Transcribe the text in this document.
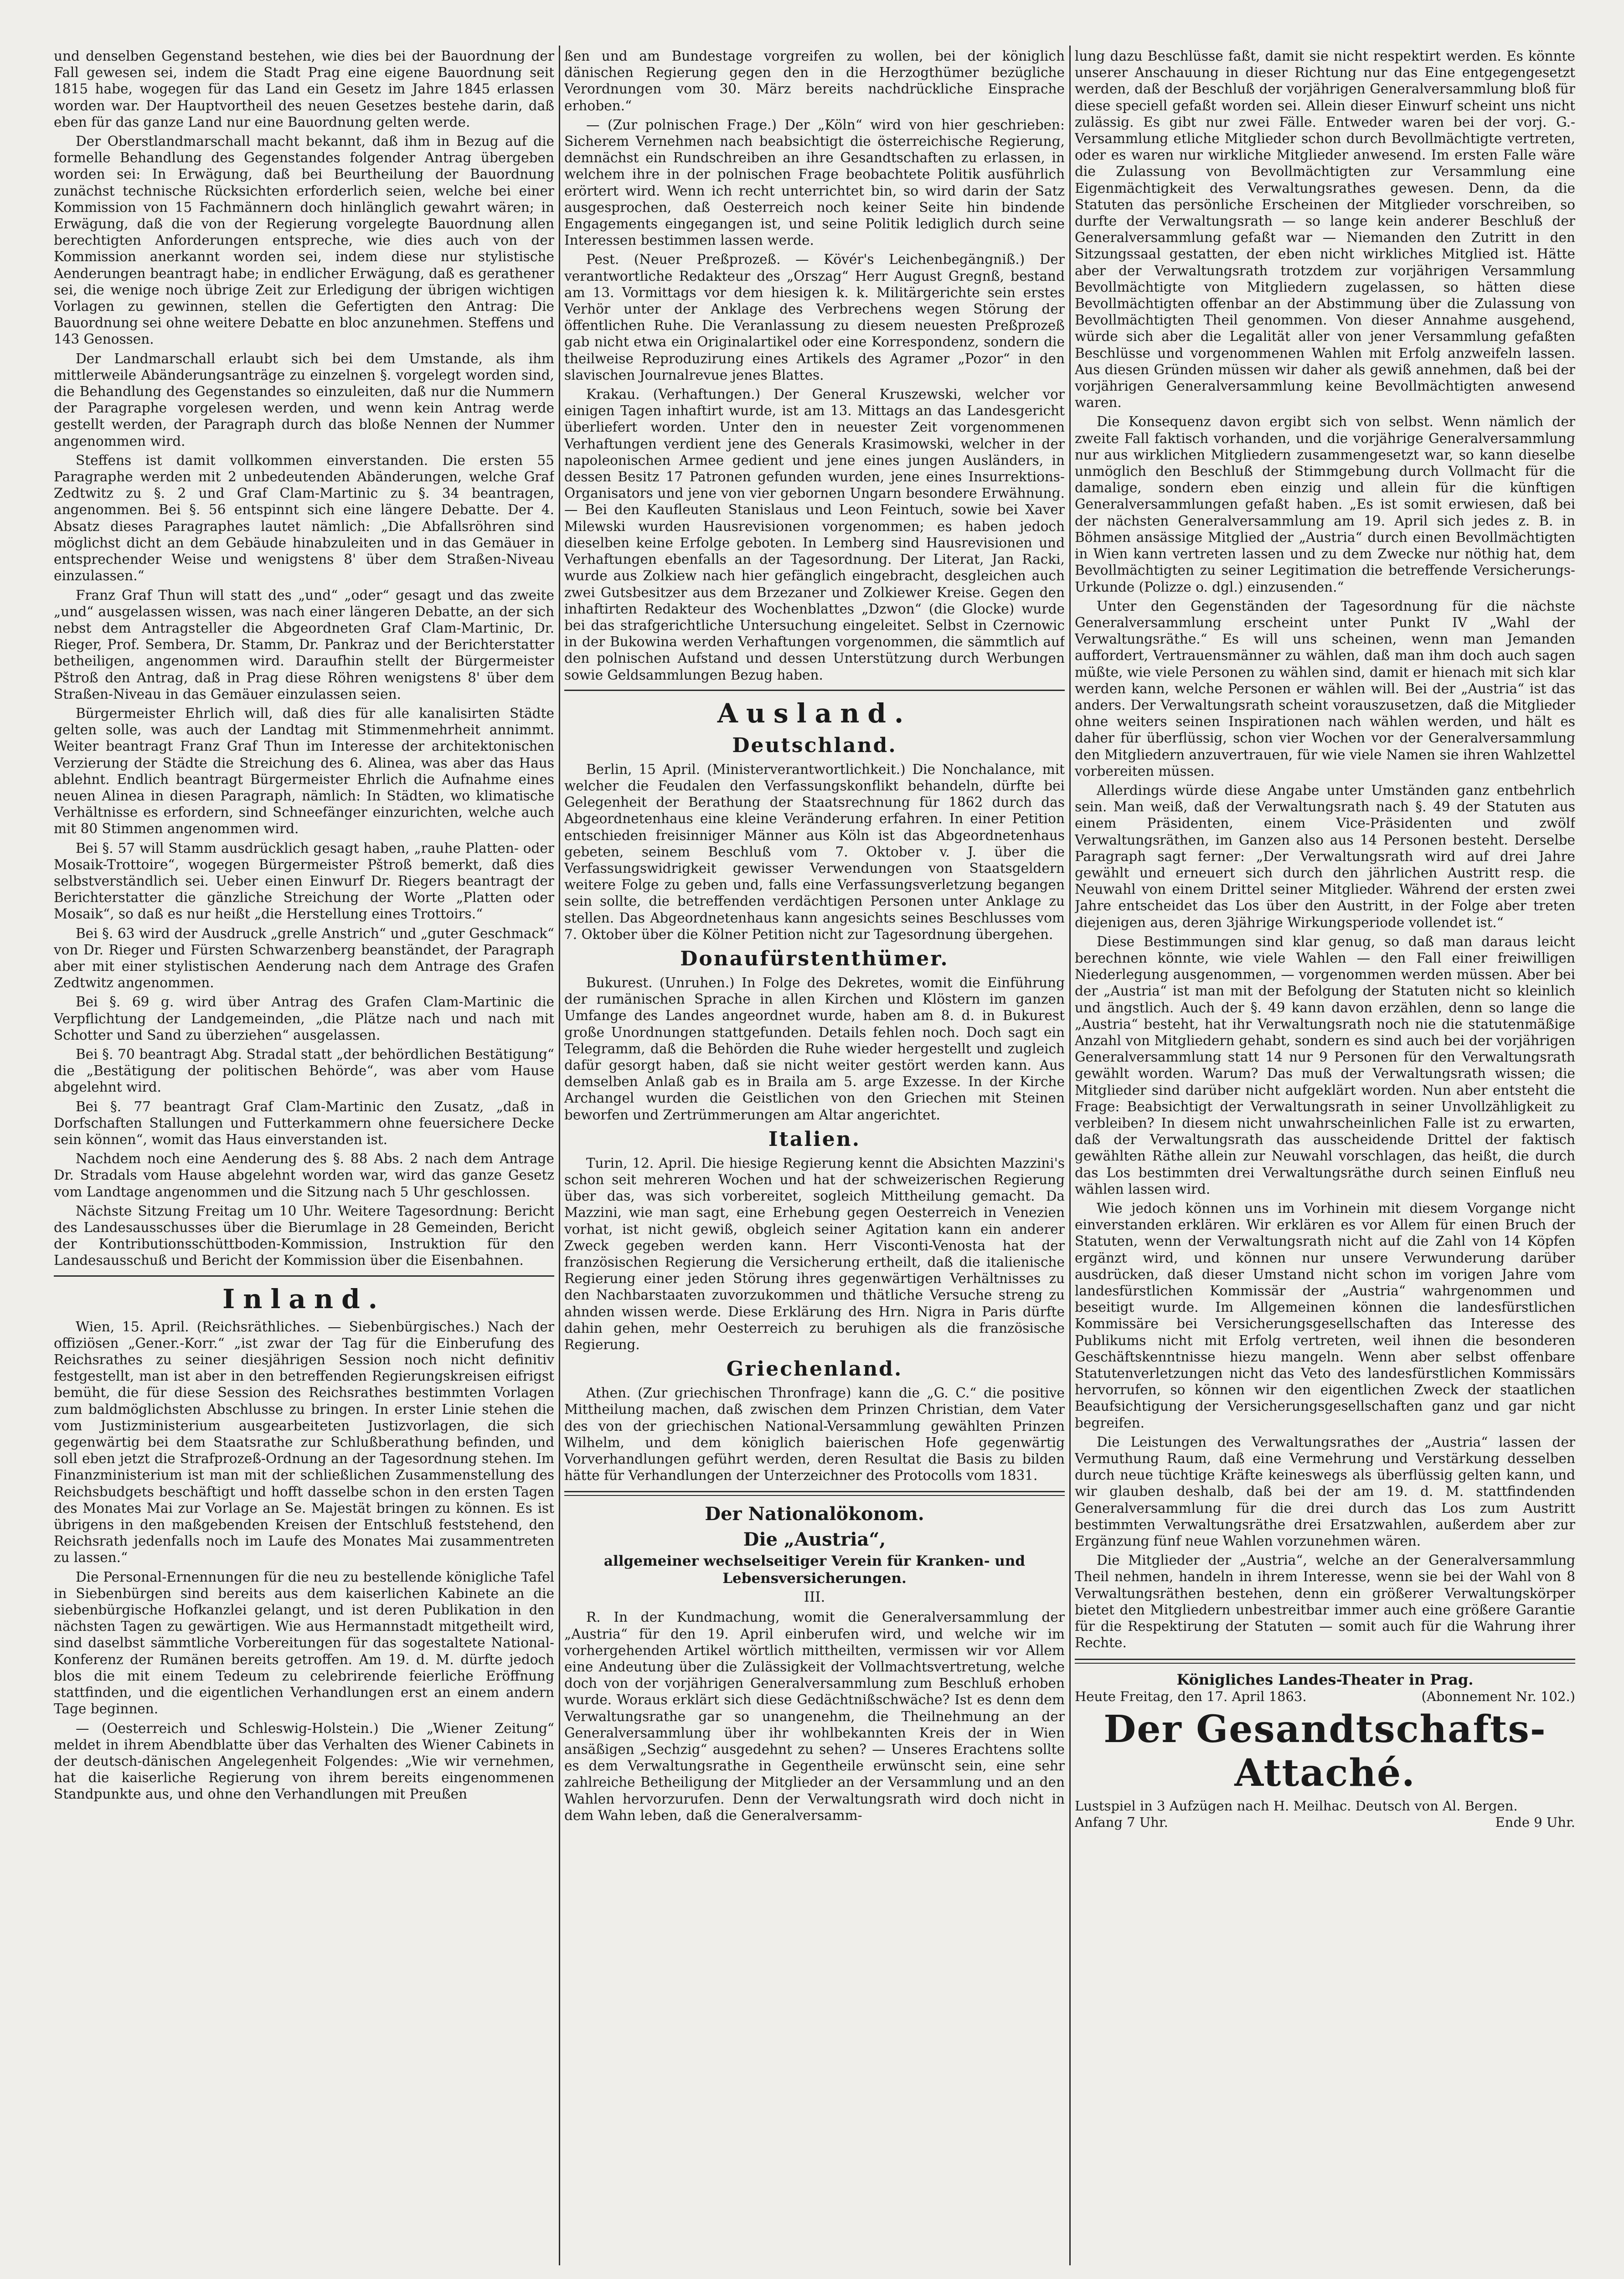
und denselben Gegenstand bestehen, wie dies bei der Bauordnung der Fall gewesen sei, indem die Stadt Prag eine eigene Bauordnung seit 1815 habe, wogegen für das Land ein Gesetz im Jahre 1845 erlassen worden war. Der Hauptvortheil des neuen Gesetzes bestehe darin, daß eben für das ganze Land nur eine Bauordnung gelten werde.

Der Oberstlandmarschall macht bekannt, daß ihm in Bezug auf die formelle Behandlung des Gegenstandes folgender Antrag übergeben worden sei: In Erwägung, daß bei Beurtheilung der Bauordnung zunächst technische Rücksichten erforderlich seien, welche bei einer Kommission von 15 Fachmännern doch hinlänglich gewahrt wären; in Erwägung, daß die von der Regierung vorgelegte Bauordnung allen berechtigten Anforderungen entspreche, wie dies auch von der Kommission anerkannt worden sei, indem diese nur stylistische Aenderungen beantragt habe; in endlicher Erwägung, daß es gerathener sei, die wenige noch übrige Zeit zur Erledigung der übrigen wichtigen Vorlagen zu gewinnen, stellen die Gefertigten den Antrag: Die Bauordnung sei ohne weitere Debatte en bloc anzunehmen. Steffens und 143 Genossen.

Der Landmarschall erlaubt sich bei dem Umstande, als ihm mittlerweile Abänderungsanträge zu einzelnen §. vorgelegt worden sind, die Behandlung des Gegenstandes so einzuleiten, daß nur die Nummern der Paragraphe vorgelesen werden, und wenn kein Antrag werde gestellt werden, der Paragraph durch das bloße Nennen der Nummer angenommen wird.

Steffens ist damit vollkommen einverstanden. Die ersten 55 Paragraphe werden mit 2 unbedeutenden Abänderungen, welche Graf Zedtwitz zu §. 2 und Graf Clam-Martinic zu §. 34 beantragen, angenommen. Bei §. 56 entspinnt sich eine längere Debatte. Der 4. Absatz dieses Paragraphes lautet nämlich: „Die Abfallsröhren sind möglichst dicht an dem Gebäude hinabzuleiten und in das Gemäuer in entsprechender Weise und wenigstens 8' über dem Straßen-Niveau einzulassen.“

Franz Graf Thun will statt des „und“ „oder“ gesagt und das zweite „und“ ausgelassen wissen, was nach einer längeren Debatte, an der sich nebst dem Antragsteller die Abgeordneten Graf Clam-Martinic, Dr. Rieger, Prof. Sembera, Dr. Stamm, Dr. Pankraz und der Berichterstatter betheiligen, angenommen wird. Daraufhin stellt der Bürgermeister Pštroß den Antrag, daß in Prag diese Röhren wenigstens 8' über dem Straßen-Niveau in das Gemäuer einzulassen seien.

Bürgermeister Ehrlich will, daß dies für alle kanalisirten Städte gelten solle, was auch der Landtag mit Stimmenmehrheit annimmt. Weiter beantragt Franz Graf Thun im Interesse der architektonischen Verzierung der Städte die Streichung des 6. Alinea, was aber das Haus ablehnt. Endlich beantragt Bürgermeister Ehrlich die Aufnahme eines neuen Alinea in diesen Paragraph, nämlich: In Städten, wo klimatische Verhältnisse es erfordern, sind Schneefänger einzurichten, welche auch mit 80 Stimmen angenommen wird.

Bei §. 57 will Stamm ausdrücklich gesagt haben, „rauhe Platten- oder Mosaik-Trottoire“, wogegen Bürgermeister Pštroß bemerkt, daß dies selbstverständlich sei. Ueber einen Einwurf Dr. Riegers beantragt der Berichterstatter die gänzliche Streichung der Worte „Platten oder Mosaik“, so daß es nur heißt „die Herstellung eines Trottoirs.“

Bei §. 63 wird der Ausdruck „grelle Anstrich“ und „guter Geschmack“ von Dr. Rieger und Fürsten Schwarzenberg beanständet, der Paragraph aber mit einer stylistischen Aenderung nach dem Antrage des Grafen Zedtwitz angenommen.

Bei §. 69 g. wird über Antrag des Grafen Clam-Martinic die Verpflichtung der Landgemeinden, „die Plätze nach und nach mit Schotter und Sand zu überziehen“ ausgelassen.

Bei §. 70 beantragt Abg. Stradal statt „der behördlichen Bestätigung“ die „Bestätigung der politischen Behörde“, was aber vom Hause abgelehnt wird.

Bei §. 77 beantragt Graf Clam-Martinic den Zusatz, „daß in Dorfschaften Stallungen und Futterkammern ohne feuersichere Decke sein können“, womit das Haus einverstanden ist.

Nachdem noch eine Aenderung des §. 88 Abs. 2 nach dem Antrage Dr. Stradals vom Hause abgelehnt worden war, wird das ganze Gesetz vom Landtage angenommen und die Sitzung nach 5 Uhr geschlossen.

Nächste Sitzung Freitag um 10 Uhr. Weitere Tagesordnung: Bericht des Landesausschusses über die Bierumlage in 28 Gemeinden, Bericht der Kontributionsschüttboden-Kommission, Instruktion für den Landesausschuß und Bericht der Kommission über die Eisenbahnen.

Inland.

Wien, 15. April. (Reichsräthliches. — Siebenbürgisches.) Nach der offiziösen „Gener.-Korr.“ „ist zwar der Tag für die Einberufung des Reichsrathes zu seiner diesjährigen Session noch nicht definitiv festgestellt, man ist aber in den betreffenden Regierungskreisen eifrigst bemüht, die für diese Session des Reichsrathes bestimmten Vorlagen zum baldmöglichsten Abschlusse zu bringen. In erster Linie stehen die vom Justizministerium ausgearbeiteten Justizvorlagen, die sich gegenwärtig bei dem Staatsrathe zur Schlußberathung befinden, und soll eben jetzt die Strafprozeß-Ordnung an der Tagesordnung stehen. Im Finanzministerium ist man mit der schließlichen Zusammenstellung des Reichsbudgets beschäftigt und hofft dasselbe schon in den ersten Tagen des Monates Mai zur Vorlage an Se. Majestät bringen zu können. Es ist übrigens in den maßgebenden Kreisen der Entschluß feststehend, den Reichsrath jedenfalls noch im Laufe des Monates Mai zusammentreten zu lassen.“

Die Personal-Ernennungen für die neu zu bestellende königliche Tafel in Siebenbürgen sind bereits aus dem kaiserlichen Kabinete an die siebenbürgische Hofkanzlei gelangt, und ist deren Publikation in den nächsten Tagen zu gewärtigen. Wie aus Hermannstadt mitgetheilt wird, sind daselbst sämmtliche Vorbereitungen für das sogestaltete National-Konferenz der Rumänen bereits getroffen. Am 19. d. M. dürfte jedoch blos die mit einem Tedeum zu celebrirende feierliche Eröffnung stattfinden, und die eigentlichen Verhandlungen erst an einem andern Tage beginnen.

— (Oesterreich und Schleswig-Holstein.) Die „Wiener Zeitung“ meldet in ihrem Abendblatte über das Verhalten des Wiener Cabinets in der deutsch-dänischen Angelegenheit Folgendes: „Wie wir vernehmen, hat die kaiserliche Regierung von ihrem bereits eingenommenen Standpunkte aus, und ohne den Verhandlungen mit Preußen

ßen und am Bundestage vorgreifen zu wollen, bei der königlich dänischen Regierung gegen den in die Herzogthümer bezügliche Verordnungen vom 30. März bereits nachdrückliche Einsprache erhoben.“

— (Zur polnischen Frage.) Der „Köln“ wird von hier geschrieben: Sicherem Vernehmen nach beabsichtigt die österreichische Regierung, demnächst ein Rundschreiben an ihre Gesandtschaften zu erlassen, in welchem ihre in der polnischen Frage beobachtete Politik ausführlich erörtert wird. Wenn ich recht unterrichtet bin, so wird darin der Satz ausgesprochen, daß Oesterreich noch keiner Seite hin bindende Engagements eingegangen ist, und seine Politik lediglich durch seine Interessen bestimmen lassen werde.

Pest. (Neuer Preßprozeß. — Kövér's Leichenbegängniß.) Der verantwortliche Redakteur des „Orszag“ Herr August Gregnß, bestand am 13. Vormittags vor dem hiesigen k. k. Militärgerichte sein erstes Verhör unter der Anklage des Verbrechens wegen Störung der öffentlichen Ruhe. Die Veranlassung zu diesem neuesten Preßprozeß gab nicht etwa ein Originalartikel oder eine Korrespondenz, sondern die theilweise Reproduzirung eines Artikels des Agramer „Pozor“ in den slavischen Journalrevue jenes Blattes.

Krakau. (Verhaftungen.) Der General Kruszewski, welcher vor einigen Tagen inhaftirt wurde, ist am 13. Mittags an das Landesgericht überliefert worden. Unter den in neuester Zeit vorgenommenen Verhaftungen verdient jene des Generals Krasimowski, welcher in der napoleonischen Armee gedient und jene eines jungen Ausländers, in dessen Besitz 17 Patronen gefunden wurden, jene eines Insurrektions-Organisators und jene von vier gebornen Ungarn besondere Erwähnung. — Bei den Kaufleuten Stanislaus und Leon Feintuch, sowie bei Xaver Milewski wurden Hausrevisionen vorgenommen; es haben jedoch dieselben keine Erfolge geboten. In Lemberg sind Hausrevisionen und Verhaftungen ebenfalls an der Tagesordnung. Der Literat, Jan Racki, wurde aus Zolkiew nach hier gefänglich eingebracht, desgleichen auch zwei Gutsbesitzer aus dem Brzezaner und Zolkiewer Kreise. Gegen den inhaftirten Redakteur des Wochenblattes „Dzwon“ (die Glocke) wurde bei das strafgerichtliche Untersuchung eingeleitet. Selbst in Czernowic in der Bukowina werden Verhaftungen vorgenommen, die sämmtlich auf den polnischen Aufstand und dessen Unterstützung durch Werbungen sowie Geldsammlungen Bezug haben.

Ausland.
Deutschland.

Berlin, 15 April. (Ministerverantwortlichkeit.) Die Nonchalance, mit welcher die Feudalen den Verfassungskonflikt behandeln, dürfte bei Gelegenheit der Berathung der Staatsrechnung für 1862 durch das Abgeordnetenhaus eine kleine Veränderung erfahren. In einer Petition entschieden freisinniger Männer aus Köln ist das Abgeordnetenhaus gebeten, seinem Beschluß vom 7. Oktober v. J. über die Verfassungswidrigkeit gewisser Verwendungen von Staatsgeldern weitere Folge zu geben und, falls eine Verfassungsverletzung begangen sein sollte, die betreffenden verdächtigen Personen unter Anklage zu stellen. Das Abgeordnetenhaus kann angesichts seines Beschlusses vom 7. Oktober über die Kölner Petition nicht zur Tagesordnung übergehen.

Donaufürstenthümer.

Bukurest. (Unruhen.) In Folge des Dekretes, womit die Einführung der rumänischen Sprache in allen Kirchen und Klöstern im ganzen Umfange des Landes angeordnet wurde, haben am 8. d. in Bukurest große Unordnungen stattgefunden. Details fehlen noch. Doch sagt ein Telegramm, daß die Behörden die Ruhe wieder hergestellt und zugleich dafür gesorgt haben, daß sie nicht weiter gestört werden kann. Aus demselben Anlaß gab es in Braila am 5. arge Exzesse. In der Kirche Archangel wurden die Geistlichen von den Griechen mit Steinen beworfen und Zertrümmerungen am Altar angerichtet.

Italien.

Turin, 12. April. Die hiesige Regierung kennt die Absichten Mazzini's schon seit mehreren Wochen und hat der schweizerischen Regierung über das, was sich vorbereitet, sogleich Mittheilung gemacht. Da Mazzini, wie man sagt, eine Erhebung gegen Oesterreich in Venezien vorhat, ist nicht gewiß, obgleich seiner Agitation kann ein anderer Zweck gegeben werden kann. Herr Visconti-Venosta hat der französischen Regierung die Versicherung ertheilt, daß die italienische Regierung einer jeden Störung ihres gegenwärtigen Verhältnisses zu den Nachbarstaaten zuvorzukommen und thätliche Versuche streng zu ahnden wissen werde. Diese Erklärung des Hrn. Nigra in Paris dürfte dahin gehen, mehr Oesterreich zu beruhigen als die französische Regierung.

Griechenland.

Athen. (Zur griechischen Thronfrage) kann die „G. C.“ die positive Mittheilung machen, daß zwischen dem Prinzen Christian, dem Vater des von der griechischen National-Versammlung gewählten Prinzen Wilhelm, und dem königlich baierischen Hofe gegenwärtig Vorverhandlungen geführt werden, deren Resultat die Basis zu bilden hätte für Verhandlungen der Unterzeichner des Protocolls vom 1831.

Der Nationalökonom.
Die „Austria“,
allgemeiner wechselseitiger Verein für Kranken- und Lebensversicherungen.
III.

R. In der Kundmachung, womit die Generalversammlung der „Austria“ für den 19. April einberufen wird, und welche wir im vorhergehenden Artikel wörtlich mittheilten, vermissen wir vor Allem eine Andeutung über die Zulässigkeit der Vollmachtsvertretung, welche doch von der vorjährigen Generalversammlung zum Beschluß erhoben wurde. Woraus erklärt sich diese Gedächtnißschwäche? Ist es denn dem Verwaltungsrathe gar so unangenehm, die Theilnehmung an der Generalversammlung über ihr wohlbekannten Kreis der in Wien ansäßigen „Sechzig“ ausgedehnt zu sehen? — Unseres Erachtens sollte es dem Verwaltungsrathe in Gegentheile erwünscht sein, eine sehr zahlreiche Betheiligung der Mitglieder an der Versammlung und an den Wahlen hervorzurufen. Denn der Verwaltungsrath wird doch nicht in dem Wahn leben, daß die Generalversamm-

lung dazu Beschlüsse faßt, damit sie nicht respektirt werden. Es könnte unserer Anschauung in dieser Richtung nur das Eine entgegengesetzt werden, daß der Beschluß der vorjährigen Generalversammlung bloß für diese speciell gefaßt worden sei. Allein dieser Einwurf scheint uns nicht zulässig. Es gibt nur zwei Fälle. Entweder waren bei der vorj. G.-Versammlung etliche Mitglieder schon durch Bevollmächtigte vertreten, oder es waren nur wirkliche Mitglieder anwesend. Im ersten Falle wäre die Zulassung von Bevollmächtigten zur Versammlung eine Eigenmächtigkeit des Verwaltungsrathes gewesen. Denn, da die Statuten das persönliche Erscheinen der Mitglieder vorschreiben, so durfte der Verwaltungsrath — so lange kein anderer Beschluß der Generalversammlung gefaßt war — Niemanden den Zutritt in den Sitzungssaal gestatten, der eben nicht wirkliches Mitglied ist. Hätte aber der Verwaltungsrath trotzdem zur vorjährigen Versammlung Bevollmächtigte von Mitgliedern zugelassen, so hätten diese Bevollmächtigten offenbar an der Abstimmung über die Zulassung von Bevollmächtigten Theil genommen. Von dieser Annahme ausgehend, würde sich aber die Legalität aller von jener Versammlung gefaßten Beschlüsse und vorgenommenen Wahlen mit Erfolg anzweifeln lassen. Aus diesen Gründen müssen wir daher als gewiß annehmen, daß bei der vorjährigen Generalversammlung keine Bevollmächtigten anwesend waren.

Die Konsequenz davon ergibt sich von selbst. Wenn nämlich der zweite Fall faktisch vorhanden, und die vorjährige Generalversammlung nur aus wirklichen Mitgliedern zusammengesetzt war, so kann dieselbe unmöglich den Beschluß der Stimmgebung durch Vollmacht für die damalige, sondern eben einzig und allein für die künftigen Generalversammlungen gefaßt haben. „Es ist somit erwiesen, daß bei der nächsten Generalversammlung am 19. April sich jedes z. B. in Böhmen ansässige Mitglied der „Austria“ durch einen Bevollmächtigten in Wien kann vertreten lassen und zu dem Zwecke nur nöthig hat, dem Bevollmächtigten zu seiner Legitimation die betreffende Versicherungs-Urkunde (Polizze o. dgl.) einzusenden.“

Unter den Gegenständen der Tagesordnung für die nächste Generalversammlung erscheint unter Punkt IV „Wahl der Verwaltungsräthe.“ Es will uns scheinen, wenn man Jemanden auffordert, Vertrauensmänner zu wählen, daß man ihm doch auch sagen müßte, wie viele Personen zu wählen sind, damit er hienach mit sich klar werden kann, welche Personen er wählen will. Bei der „Austria“ ist das anders. Der Verwaltungsrath scheint vorauszusetzen, daß die Mitglieder ohne weiters seinen Inspirationen nach wählen werden, und hält es daher für überflüssig, schon vier Wochen vor der Generalversammlung den Mitgliedern anzuvertrauen, für wie viele Namen sie ihren Wahlzettel vorbereiten müssen.

Allerdings würde diese Angabe unter Umständen ganz entbehrlich sein. Man weiß, daß der Verwaltungsrath nach §. 49 der Statuten aus einem Präsidenten, einem Vice-Präsidenten und zwölf Verwaltungsräthen, im Ganzen also aus 14 Personen besteht. Derselbe Paragraph sagt ferner: „Der Verwaltungsrath wird auf drei Jahre gewählt und erneuert sich durch den jährlichen Austritt resp. die Neuwahl von einem Drittel seiner Mitglieder. Während der ersten zwei Jahre entscheidet das Los über den Austritt, in der Folge aber treten diejenigen aus, deren 3jährige Wirkungsperiode vollendet ist.“

Diese Bestimmungen sind klar genug, so daß man daraus leicht berechnen könnte, wie viele Wahlen — den Fall einer freiwilligen Niederlegung ausgenommen, — vorgenommen werden müssen. Aber bei der „Austria“ ist man mit der Befolgung der Statuten nicht so kleinlich und ängstlich. Auch der §. 49 kann davon erzählen, denn so lange die „Austria“ besteht, hat ihr Verwaltungsrath noch nie die statutenmäßige Anzahl von Mitgliedern gehabt, sondern es sind auch bei der vorjährigen Generalversammlung statt 14 nur 9 Personen für den Verwaltungsrath gewählt worden. Warum? Das muß der Verwaltungsrath wissen; die Mitglieder sind darüber nicht aufgeklärt worden. Nun aber entsteht die Frage: Beabsichtigt der Verwaltungsrath in seiner Unvollzähligkeit zu verbleiben? In diesem nicht unwahrscheinlichen Falle ist zu erwarten, daß der Verwaltungsrath das ausscheidende Drittel der faktisch gewählten Räthe allein zur Neuwahl vorschlagen, das heißt, die durch das Los bestimmten drei Verwaltungsräthe durch seinen Einfluß neu wählen lassen wird.

Wie jedoch können uns im Vorhinein mit diesem Vorgange nicht einverstanden erklären. Wir erklären es vor Allem für einen Bruch der Statuten, wenn der Verwaltungsrath nicht auf die Zahl von 14 Köpfen ergänzt wird, und können nur unsere Verwunderung darüber ausdrücken, daß dieser Umstand nicht schon im vorigen Jahre vom landesfürstlichen Kommissär der „Austria“ wahrgenommen und beseitigt wurde. Im Allgemeinen können die landesfürstlichen Kommissäre bei Versicherungsgesellschaften das Interesse des Publikums nicht mit Erfolg vertreten, weil ihnen die besonderen Geschäftskenntnisse hiezu mangeln. Wenn aber selbst offenbare Statutenverletzungen nicht das Veto des landesfürstlichen Kommissärs hervorrufen, so können wir den eigentlichen Zweck der staatlichen Beaufsichtigung der Versicherungsgesellschaften ganz und gar nicht begreifen.

Die Leistungen des Verwaltungsrathes der „Austria“ lassen der Vermuthung Raum, daß eine Vermehrung und Verstärkung desselben durch neue tüchtige Kräfte keineswegs als überflüssig gelten kann, und wir glauben deshalb, daß bei der am 19. d. M. stattfindenden Generalversammlung für die drei durch das Los zum Austritt bestimmten Verwaltungsräthe drei Ersatzwahlen, außerdem aber zur Ergänzung fünf neue Wahlen vorzunehmen wären.

Die Mitglieder der „Austria“, welche an der Generalversammlung Theil nehmen, handeln in ihrem Interesse, wenn sie bei der Wahl von 8 Verwaltungsräthen bestehen, denn ein größerer Verwaltungskörper bietet den Mitgliedern unbestreitbar immer auch eine größere Garantie für die Respektirung der Statuten — somit auch für die Wahrung ihrer Rechte.

Königliches Landes-Theater in Prag.
Heute Freitag, den 17. April 1863.	(Abonnement Nr. 102.)
Der Gesandtschafts-Attaché.
Lustspiel in 3 Aufzügen nach H. Meilhac. Deutsch von Al. Bergen.
Anfang 7 Uhr.	Ende 9 Uhr.
